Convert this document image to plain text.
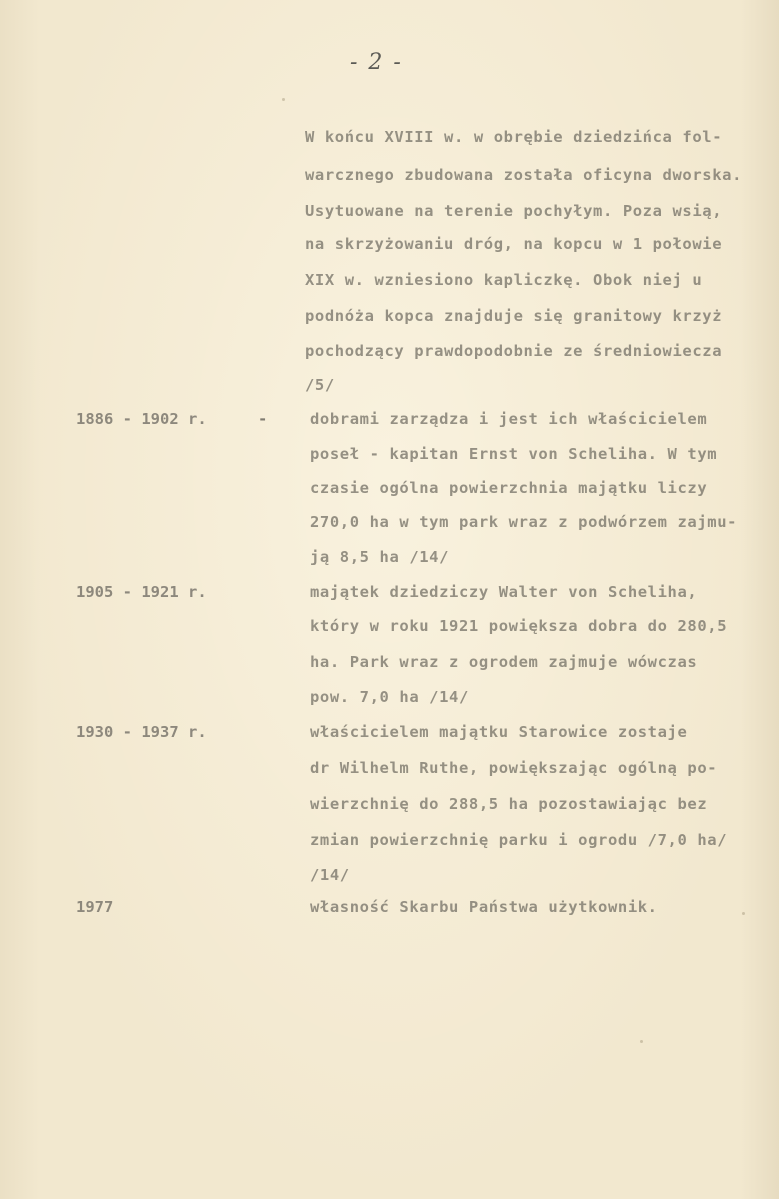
- 2 -
W końcu XVIII w. w obrębie dziedzińca fol-
warcznego zbudowana została oficyna dworska.
Usytuowane na terenie pochyłym. Poza wsią,
na skrzyżowaniu dróg, na kopcu w 1 połowie
XIX w. wzniesiono kapliczkę. Obok niej u
podnóża kopca znajduje się granitowy krzyż
pochodzący prawdopodobnie ze średniowiecza
/5/
1886 - 1902 r.	-	dobrami zarządza i jest ich właścicielem
poseł - kapitan Ernst von Scheliha. W tym
czasie ogólna powierzchnia majątku liczy
270,0 ha w tym park wraz z podwórzem zajmu-
ją 8,5 ha /14/
1905 - 1921 r.	majątek dziedziczy Walter von Scheliha,
który w roku 1921 powiększa dobra do 280,5
ha. Park wraz z ogrodem zajmuje wówczas
pow. 7,0 ha /14/
1930 - 1937 r.	właścicielem majątku Starowice zostaje
dr Wilhelm Ruthe, powiększając ogólną po-
wierzchnię do 288,5 ha pozostawiając bez
zmian powierzchnię parku i ogrodu /7,0 ha/
/14/
1977	własność Skarbu Państwa użytkownik.
